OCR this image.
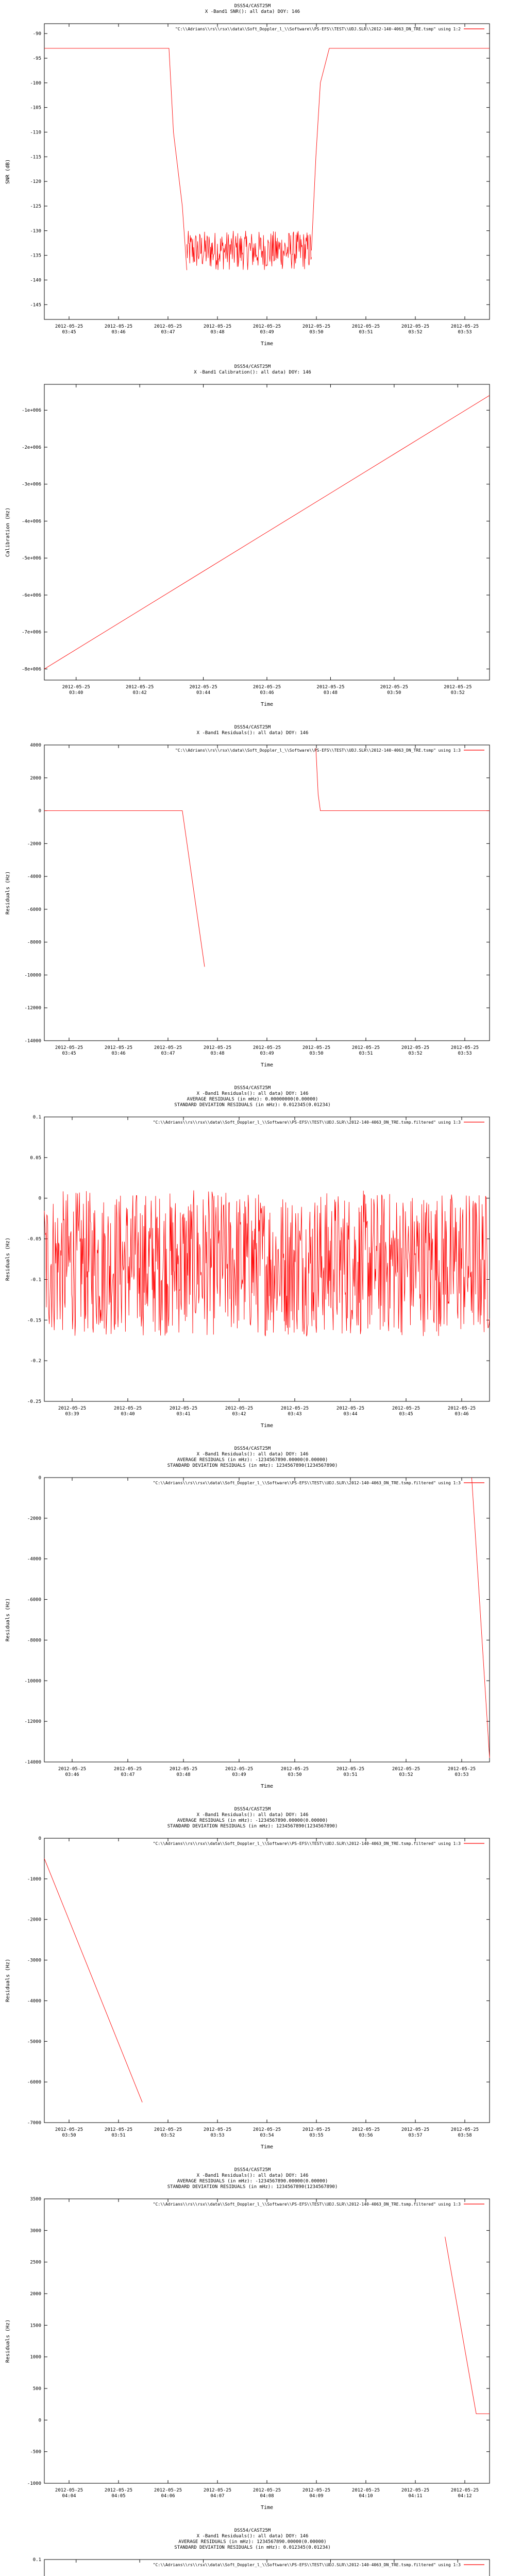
DSS54/CAST25M
X -Band1 SNR(): all data) DOY: 146
-90
-95
-100
-105
-110
-115
-120
-125
-130
-135
-140
-145
2012-05-25
03:45
2012-05-25
03:46
2012-05-25
03:47
2012-05-25
03:48
2012-05-25
03:49
2012-05-25
03:50
2012-05-25
03:51
2012-05-25
03:52
2012-05-25
03:53
Time
SNR (dB)
"C:\\Adrians\\rs\\rsx\\data\\Soft_Doppler_l_\\Software\\PS-EFS\\TEST\\UDJ.SLR\\2012-140-4063_DN_TRE.tsmp" using 1:2
DSS54/CAST25M
X -Band1 Calibration(): all data) DOY: 146
-1e+006
-2e+006
-3e+006
-4e+006
-5e+006
-6e+006
-7e+006
-8e+006
2012-05-25
03:40
2012-05-25
03:42
2012-05-25
03:44
2012-05-25
03:46
2012-05-25
03:48
2012-05-25
03:50
2012-05-25
03:52
Time
Calibration (Hz)
DSS54/CAST25M
X -Band1 Residuals(): all data) DOY: 146
4000
2000
0
-2000
-4000
-6000
-8000
-10000
-12000
-14000
2012-05-25
03:45
2012-05-25
03:46
2012-05-25
03:47
2012-05-25
03:48
2012-05-25
03:49
2012-05-25
03:50
2012-05-25
03:51
2012-05-25
03:52
2012-05-25
03:53
Time
Residuals (Hz)
"C:\\Adrians\\rs\\rsx\\data\\Soft_Doppler_l_\\Software\\PS-EFS\\TEST\\UDJ.SLR\\2012-140-4063_DN_TRE.tsmp" using 1:3
DSS54/CAST25M
X -Band1 Residuals(): all data) DOY: 146
AVERAGE RESIDUALS (in mHz): 0.00000000(0.00000)
STANDARD DEVIATION RESIDUALS (in mHz): 0.012345(0.01234)
0.1
0.05
0
-0.05
-0.1
-0.15
-0.2
-0.25
2012-05-25
03:39
2012-05-25
03:40
2012-05-25
03:41
2012-05-25
03:42
2012-05-25
03:43
2012-05-25
03:44
2012-05-25
03:45
2012-05-25
03:46
Time
Residuals (Hz)
"C:\\Adrians\\rs\\rsx\\data\\Soft_Doppler_l_\\Software\\PS-EFS\\TEST\\UDJ.SLR\\2012-140-4063_DN_TRE.tsmp.filtered" using 1:3
DSS54/CAST25M
X -Band1 Residuals(): all data) DOY: 146
AVERAGE RESIDUALS (in mHz): -1234567890.00000(0.00000)
STANDARD DEVIATION RESIDUALS (in mHz): 1234567890(1234567890)
0
-2000
-4000
-6000
-8000
-10000
-12000
-14000
2012-05-25
03:46
2012-05-25
03:47
2012-05-25
03:48
2012-05-25
03:49
2012-05-25
03:50
2012-05-25
03:51
2012-05-25
03:52
2012-05-25
03:53
Time
Residuals (Hz)
"C:\\Adrians\\rs\\rsx\\data\\Soft_Doppler_l_\\Software\\PS-EFS\\TEST\\UDJ.SLR\\2012-140-4063_DN_TRE.tsmp.filtered" using 1:3
DSS54/CAST25M
X -Band1 Residuals(): all data) DOY: 146
AVERAGE RESIDUALS (in mHz): -1234567890.00000(0.00000)
STANDARD DEVIATION RESIDUALS (in mHz): 1234567890(1234567890)
0
-1000
-2000
-3000
-4000
-5000
-6000
-7000
2012-05-25
03:50
2012-05-25
03:51
2012-05-25
03:52
2012-05-25
03:53
2012-05-25
03:54
2012-05-25
03:55
2012-05-25
03:56
2012-05-25
03:57
2012-05-25
03:58
Time
Residuals (Hz)
"C:\\Adrians\\rs\\rsx\\data\\Soft_Doppler_l_\\Software\\PS-EFS\\TEST\\UDJ.SLR\\2012-140-4063_DN_TRE.tsmp.filtered" using 1:3
DSS54/CAST25M
X -Band1 Residuals(): all data) DOY: 146
AVERAGE RESIDUALS (in mHz): -1234567890.00000(0.00000)
STANDARD DEVIATION RESIDUALS (in mHz): 1234567890(1234567890)
3500
3000
2500
2000
1500
1000
500
0
-500
-1000
2012-05-25
04:04
2012-05-25
04:05
2012-05-25
04:06
2012-05-25
04:07
2012-05-25
04:08
2012-05-25
04:09
2012-05-25
04:10
2012-05-25
04:11
2012-05-25
04:12
Time
Residuals (Hz)
"C:\\Adrians\\rs\\rsx\\data\\Soft_Doppler_l_\\Software\\PS-EFS\\TEST\\UDJ.SLR\\2012-140-4063_DN_TRE.tsmp.filtered" using 1:3
DSS54/CAST25M
X -Band1 Residuals(): all data) DOY: 146
AVERAGE RESIDUALS (in mHz): 1234567890.00000(0.00000)
STANDARD DEVIATION RESIDUALS (in mHz): 0.012345(0.01234)
0.1
"C:\\Adrians\\rs\\rsx\\data\\Soft_Doppler_l_\\Software\\PS-EFS\\TEST\\UDJ.SLR\\2012-140-4063_DN_TRE.tsmp.filtered" using 1:3
